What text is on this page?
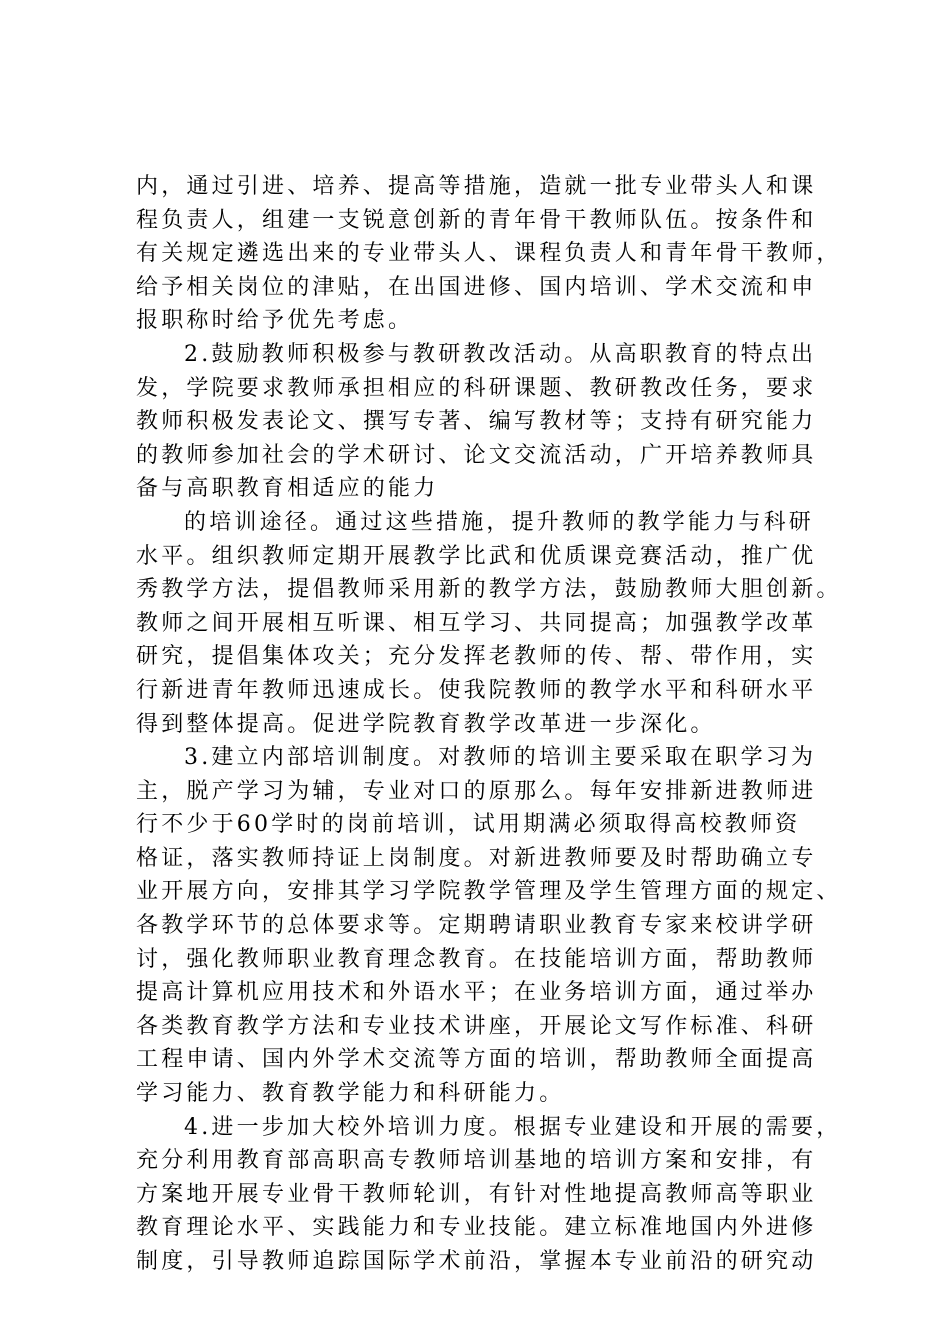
内，通过引进、培养、提高等措施，造就一批专业带头人和课
程负责人，组建一支锐意创新的青年骨干教师队伍。按条件和
有关规定遴选出来的专业带头人、课程负责人和青年骨干教师，
给予相关岗位的津贴，在出国进修、国内培训、学术交流和申
报职称时给予优先考虑。
2.鼓励教师积极参与教研教改活动。从高职教育的特点出
发，学院要求教师承担相应的科研课题、教研教改任务，要求
教师积极发表论文、撰写专著、编写教材等；支持有研究能力
的教师参加社会的学术研讨、论文交流活动，广开培养教师具
备与高职教育相适应的能力
的培训途径。通过这些措施，提升教师的教学能力与科研
水平。组织教师定期开展教学比武和优质课竞赛活动，推广优
秀教学方法，提倡教师采用新的教学方法，鼓励教师大胆创新。
教师之间开展相互听课、相互学习、共同提高；加强教学改革
研究，提倡集体攻关；充分发挥老教师的传、帮、带作用，实
行新进青年教师迅速成长。使我院教师的教学水平和科研水平
得到整体提高。促进学院教育教学改革进一步深化。
3.建立内部培训制度。对教师的培训主要采取在职学习为
主，脱产学习为辅，专业对口的原那么。每年安排新进教师进
行不少于60学时的岗前培训，试用期满必须取得高校教师资
格证，落实教师持证上岗制度。对新进教师要及时帮助确立专
业开展方向，安排其学习学院教学管理及学生管理方面的规定、
各教学环节的总体要求等。定期聘请职业教育专家来校讲学研
讨，强化教师职业教育理念教育。在技能培训方面，帮助教师
提高计算机应用技术和外语水平；在业务培训方面，通过举办
各类教育教学方法和专业技术讲座，开展论文写作标准、科研
工程申请、国内外学术交流等方面的培训，帮助教师全面提高
学习能力、教育教学能力和科研能力。
4.进一步加大校外培训力度。根据专业建设和开展的需要，
充分利用教育部高职高专教师培训基地的培训方案和安排，有
方案地开展专业骨干教师轮训，有针对性地提高教师高等职业
教育理论水平、实践能力和专业技能。建立标准地国内外进修
制度，引导教师追踪国际学术前沿，掌握本专业前沿的研究动
